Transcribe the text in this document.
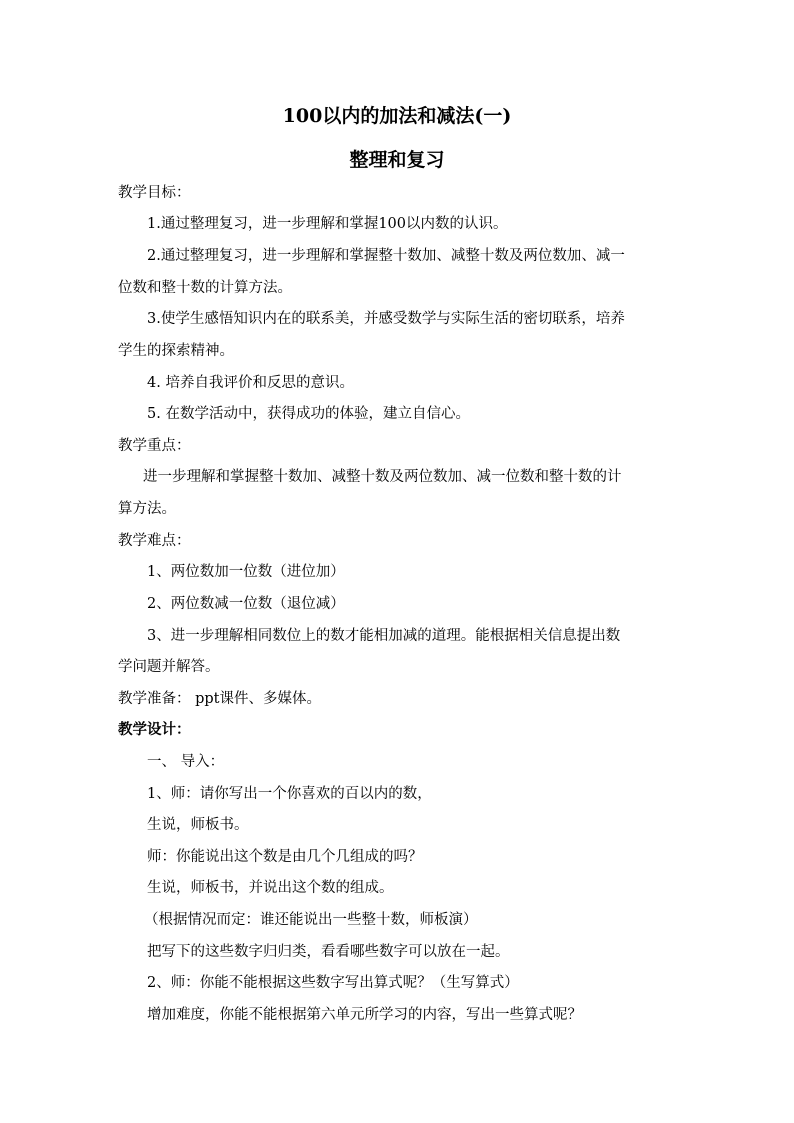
100以内的加法和减法(一)
整理和复习
教学目标：
1.通过整理复习，进一步理解和掌握100以内数的认识。
2.通过整理复习，进一步理解和掌握整十数加、减整十数及两位数加、减一
位数和整十数的计算方法。
3.使学生感悟知识内在的联系美，并感受数学与实际生活的密切联系，培养
学生的探索精神。
4. 培养自我评价和反思的意识。
5. 在数学活动中，获得成功的体验，建立自信心。
教学重点：
进一步理解和掌握整十数加、减整十数及两位数加、减一位数和整十数的计
算方法。
教学难点：
1、两位数加一位数（进位加）
2、两位数减一位数（退位减）
3、进一步理解相同数位上的数才能相加减的道理。能根据相关信息提出数
学问题并解答。
教学准备： ppt课件、多媒体。
教学设计：
一、 导入：
1、师：请你写出一个你喜欢的百以内的数，
生说，师板书。
师：你能说出这个数是由几个几组成的吗？
生说，师板书，并说出这个数的组成。
（根据情况而定：谁还能说出一些整十数，师板演）
把写下的这些数字归归类，看看哪些数字可以放在一起。
2、师：你能不能根据这些数字写出算式呢？（生写算式）
增加难度，你能不能根据第六单元所学习的内容，写出一些算式呢？
